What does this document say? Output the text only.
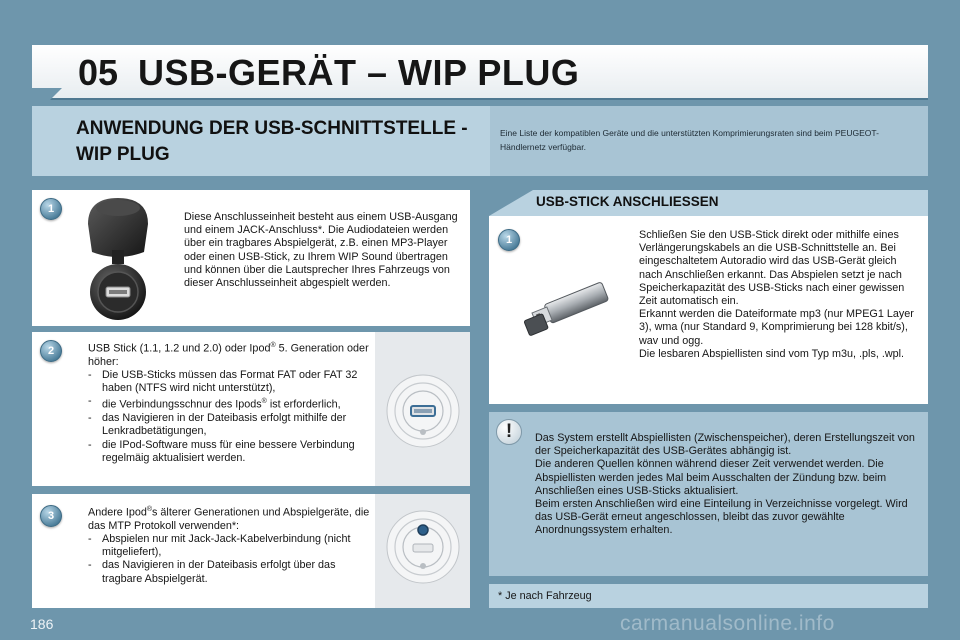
05 USB-GERÄT – WIP PLUG
ANWENDUNG DER USB-SCHNITTSTELLE - WIP PLUG
Eine Liste der kompatiblen Geräte und die unterstützten Komprimierungsraten sind beim PEUGEOT-Händlernetz verfügbar.
1
Diese Anschlusseinheit besteht aus einem USB-Ausgang und einem JACK-Anschluss*. Die Audiodateien werden über ein tragbares Abspielgerät, z.B. einen MP3-Player oder einen USB-Stick, zu Ihrem WIP Sound übertragen und können über die Lautsprecher Ihres Fahrzeugs von dieser Anschlusseinheit abgespielt werden.
2	USB Stick (1.1, 1.2 und 2.0) oder Ipod® 5. Generation oder höher:
- Die USB-Sticks müssen das Format FAT oder FAT 32 haben (NTFS wird nicht unterstützt),
- die Verbindungsschnur des Ipods® ist erforderlich,
- das Navigieren in der Dateibasis erfolgt mithilfe der Lenkradbetätigungen,
- die IPod-Software muss für eine bessere Verbindung regelmäig aktualisiert werden.
3	Andere Ipod®s älterer Generationen und Abspielgeräte, die das MTP Protokoll verwenden*:
- Abspielen nur mit Jack-Jack-Kabelverbindung (nicht mitgeliefert),
- das Navigieren in der Dateibasis erfolgt über das tragbare Abspielgerät.
USB-STICK ANSCHLIESSEN
1	Schließen Sie den USB-Stick direkt oder mithilfe eines Verlängerungskabels an die USB-Schnittstelle an. Bei eingeschaltetem Autoradio wird das USB-Gerät gleich nach Anschließen erkannt. Das Abspielen setzt je nach Speicherkapazität des USB-Sticks nach einer gewissen Zeit automatisch ein.
Erkannt werden die Dateiformate mp3 (nur MPEG1 Layer 3), wma (nur Standard 9, Komprimierung bei 128 kbit/s), wav und ogg.
Die lesbaren Abspiellisten sind vom Typ m3u, .pls, .wpl.
!	Das System erstellt Abspiellisten (Zwischenspeicher), deren Erstellungszeit von der Speicherkapazität des USB-Gerätes abhängig ist.
Die anderen Quellen können während dieser Zeit verwendet werden. Die Abspiellisten werden jedes Mal beim Ausschalten der Zündung bzw. beim Anschließen eines USB-Sticks aktualisiert.
Beim ersten Anschließen wird eine Einteilung in Verzeichnisse vorgelegt. Wird das USB-Gerät erneut angeschlossen, bleibt das zuvor gewählte Anordnungssystem erhalten.
* Je nach Fahrzeug
186	carmanualsonline.info
